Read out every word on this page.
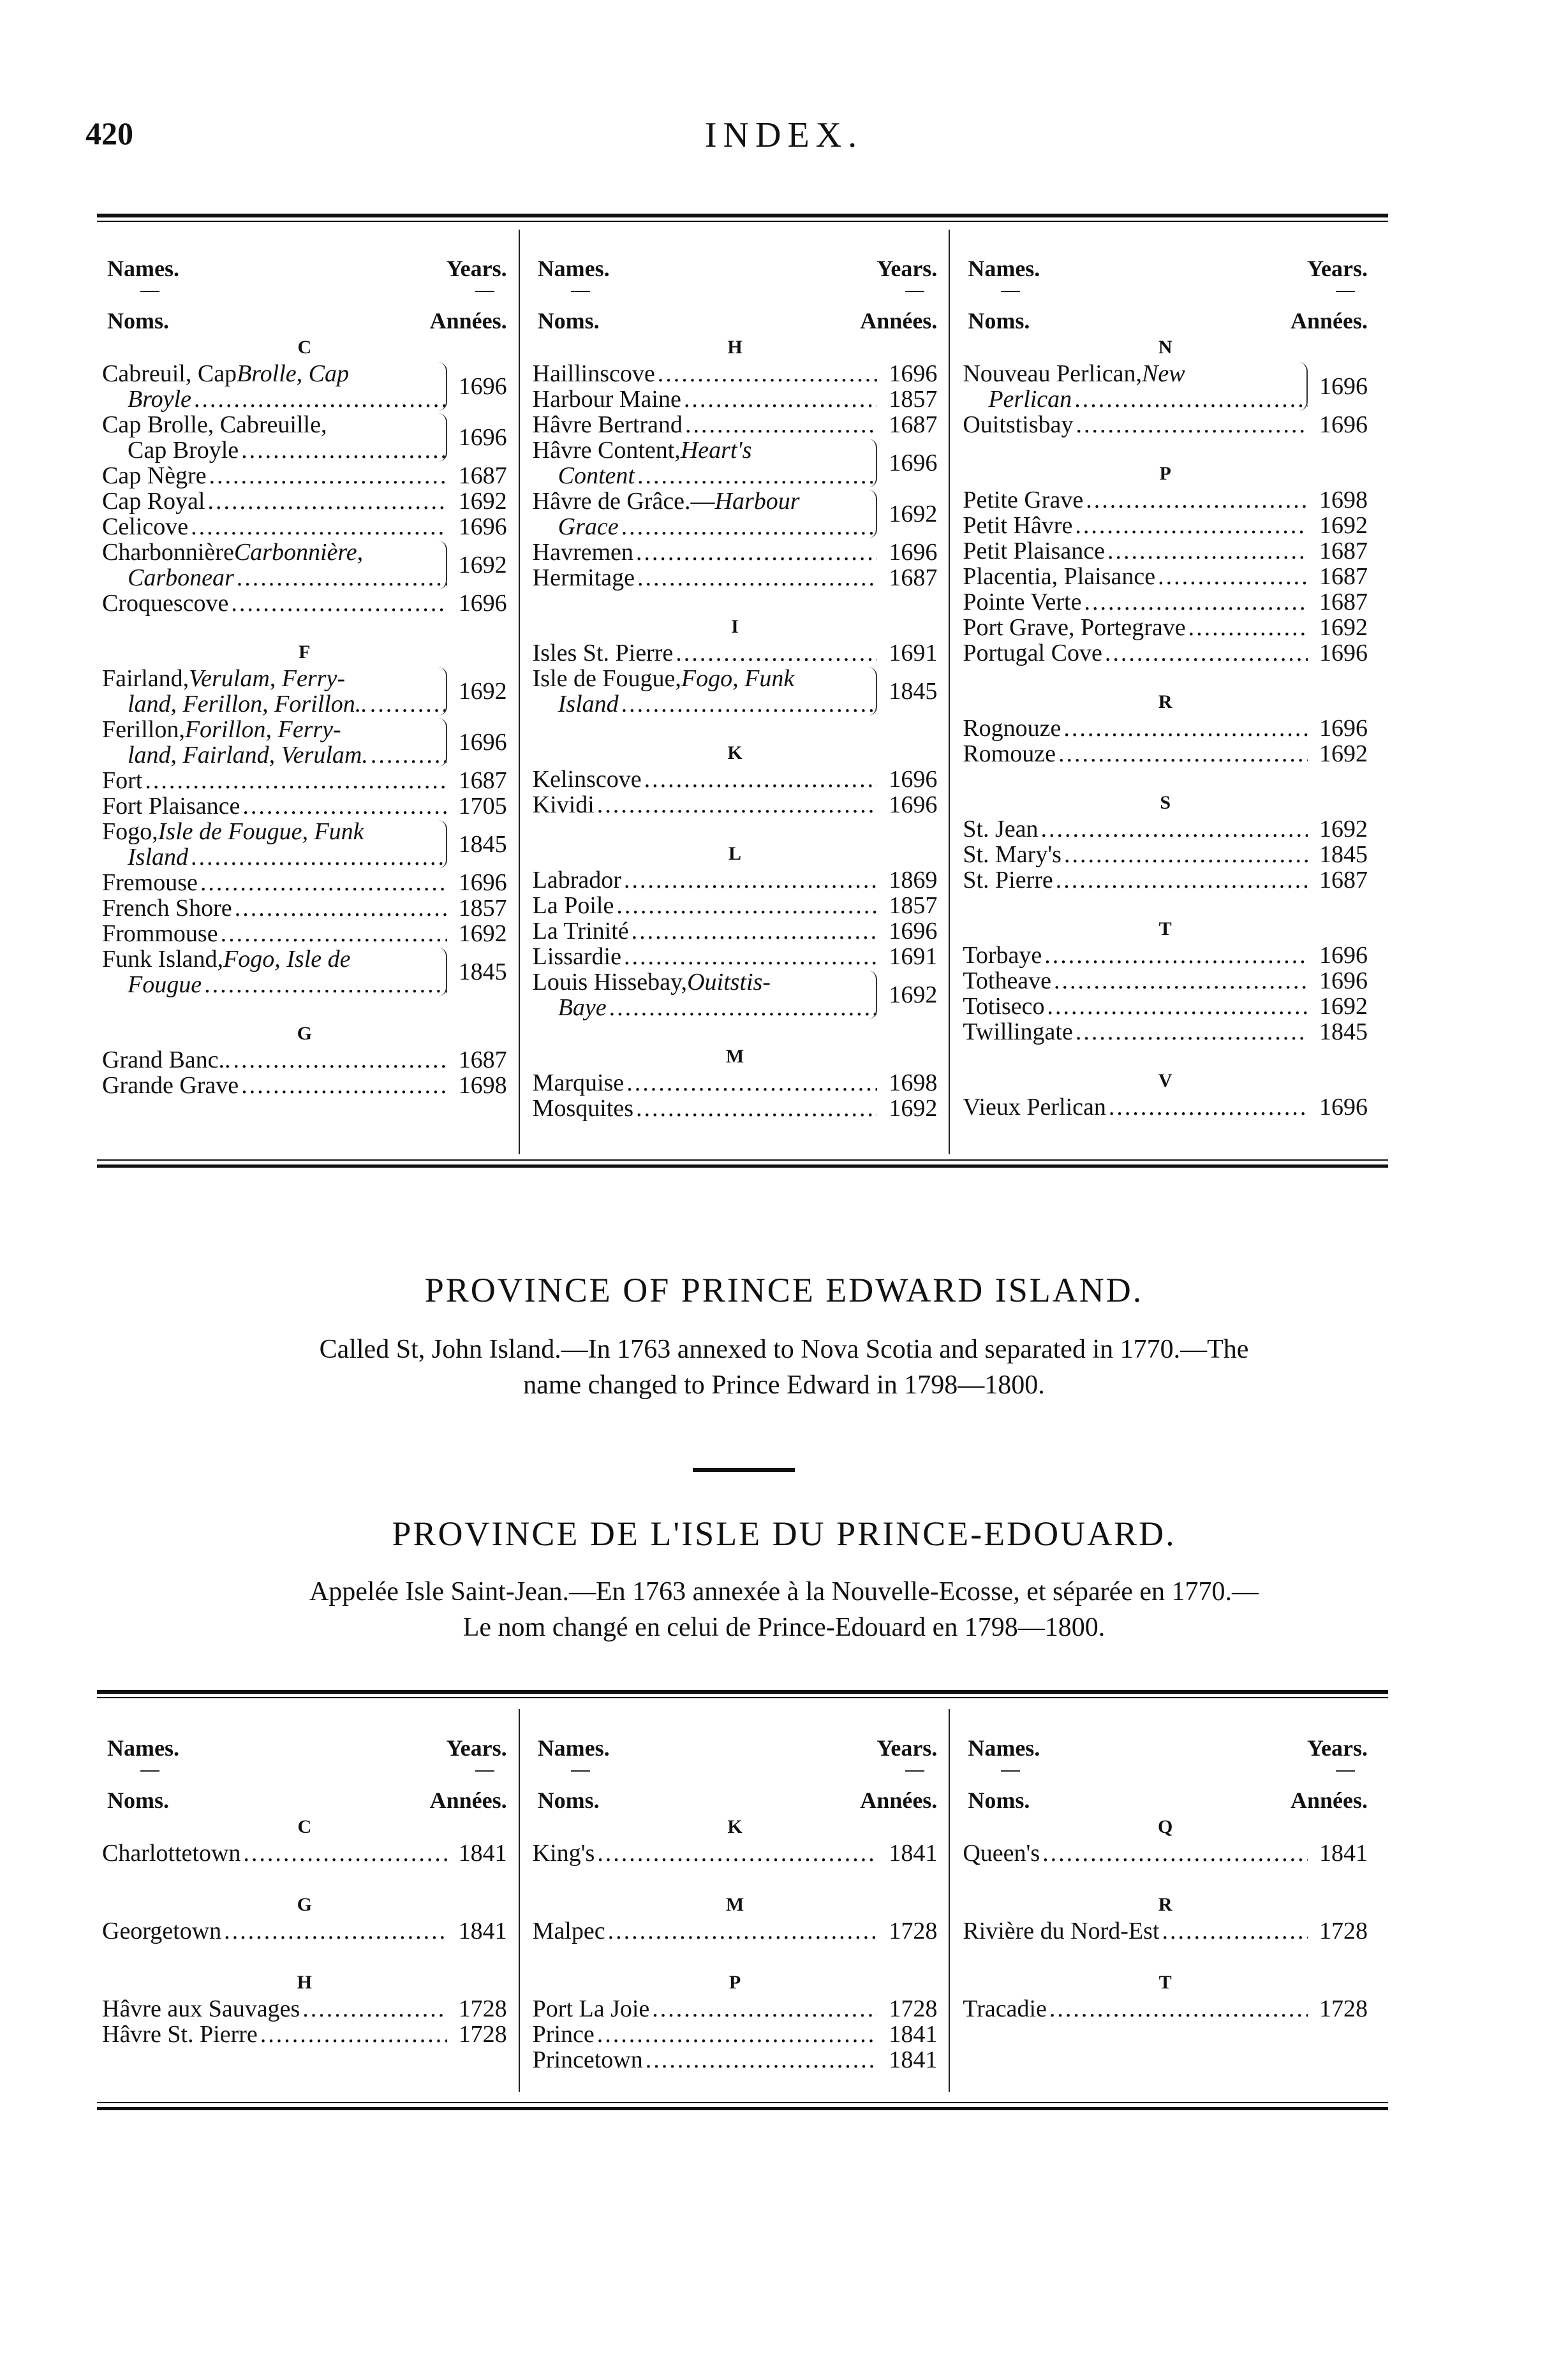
420	INDEX.
Names.	Years.
Noms.	Années.
C
Cabreuil, Cap Brolle, Cap
Broyle .....	1696
Cap Brolle, Cabreuille,
Cap Broyle .....	1696
Cap Nègre .....	1687
Cap Royal .....	1692
Celicove .....	1696
Charbonnière Carbonnière,
Carbonear .....	1692
Croquescove .....	1696
F
Fairland, Verulam, Ferry-
land, Ferillon, Forillon.. .....	1692
Ferillon, Forillon, Ferry-
land, Fairland, Verulam. .....	1696
Fort .....	1687
Fort Plaisance .....	1705
Fogo, Isle de Fougue, Funk
Island .....	1845
Fremouse .....	1696
French Shore .....	1857
Frommouse .....	1692
Funk Island, Fogo, Isle de
Fougue .....	1845
G
Grand Banc.. .....	1687
Grande Grave .....	1698
Names.	Years.
Noms.	Années.
H
Haillinscove .....	1696
Harbour Maine .....	1857
Hâvre Bertrand .....	1687
Hâvre Content, Heart's
Content .....	1696
Hâvre de Grâce.— Harbour
Grace .....	1692
Havremen .....	1696
Hermitage .....	1687
I
Isles St. Pierre .....	1691
Isle de Fougue, Fogo, Funk
Island .....	1845
K
Kelinscove .....	1696
Kividi .....	1696
L
Labrador .....	1869
La Poile .....	1857
La Trinité .....	1696
Lissardie .....	1691
Louis Hissebay, Ouitstis-
Baye .....	1692
M
Marquise .....	1698
Mosquites .....	1692
Names.	Years.
Noms.	Années.
N
Nouveau Perlican, New
Perlican .....	1696
Ouitstisbay .....	1696
P
Petite Grave .....	1698
Petit Hâvre .....	1692
Petit Plaisance .....	1687
Placentia, Plaisance .....	1687
Pointe Verte .....	1687
Port Grave, Portegrave .....	1692
Portugal Cove .....	1696
R
Rognouze .....	1696
Romouze .....	1692
S
St. Jean .....	1692
St. Mary's .....	1845
St. Pierre .....	1687
T
Torbaye .....	1696
Totheave .....	1696
Totiseco .....	1692
Twillingate .....	1845
V
Vieux Perlican .....	1696
PROVINCE OF PRINCE EDWARD ISLAND.
Called St, John Island.—In 1763 annexed to Nova Scotia and separated in 1770.—The
name changed to Prince Edward in 1798—1800.
PROVINCE DE L'ISLE DU PRINCE-EDOUARD.
Appelée Isle Saint-Jean.—En 1763 annexée à la Nouvelle-Ecosse, et séparée en 1770.—
Le nom changé en celui de Prince-Edouard en 1798—1800.
Names.	Years.
Noms.	Années.
C
Charlottetown .....	1841
G
Georgetown .....	1841
H
Hâvre aux Sauvages .....	1728
Hâvre St. Pierre .....	1728
Names.	Years.
Noms.	Années.
K
King's .....	1841
M
Malpec .....	1728
P
Port La Joie .....	1728
Prince .....	1841
Princetown .....	1841
Names.	Years.
Noms.	Années.
Q
Queen's .....	1841
R
Rivière du Nord-Est .....	1728
T
Tracadie .....	1728
